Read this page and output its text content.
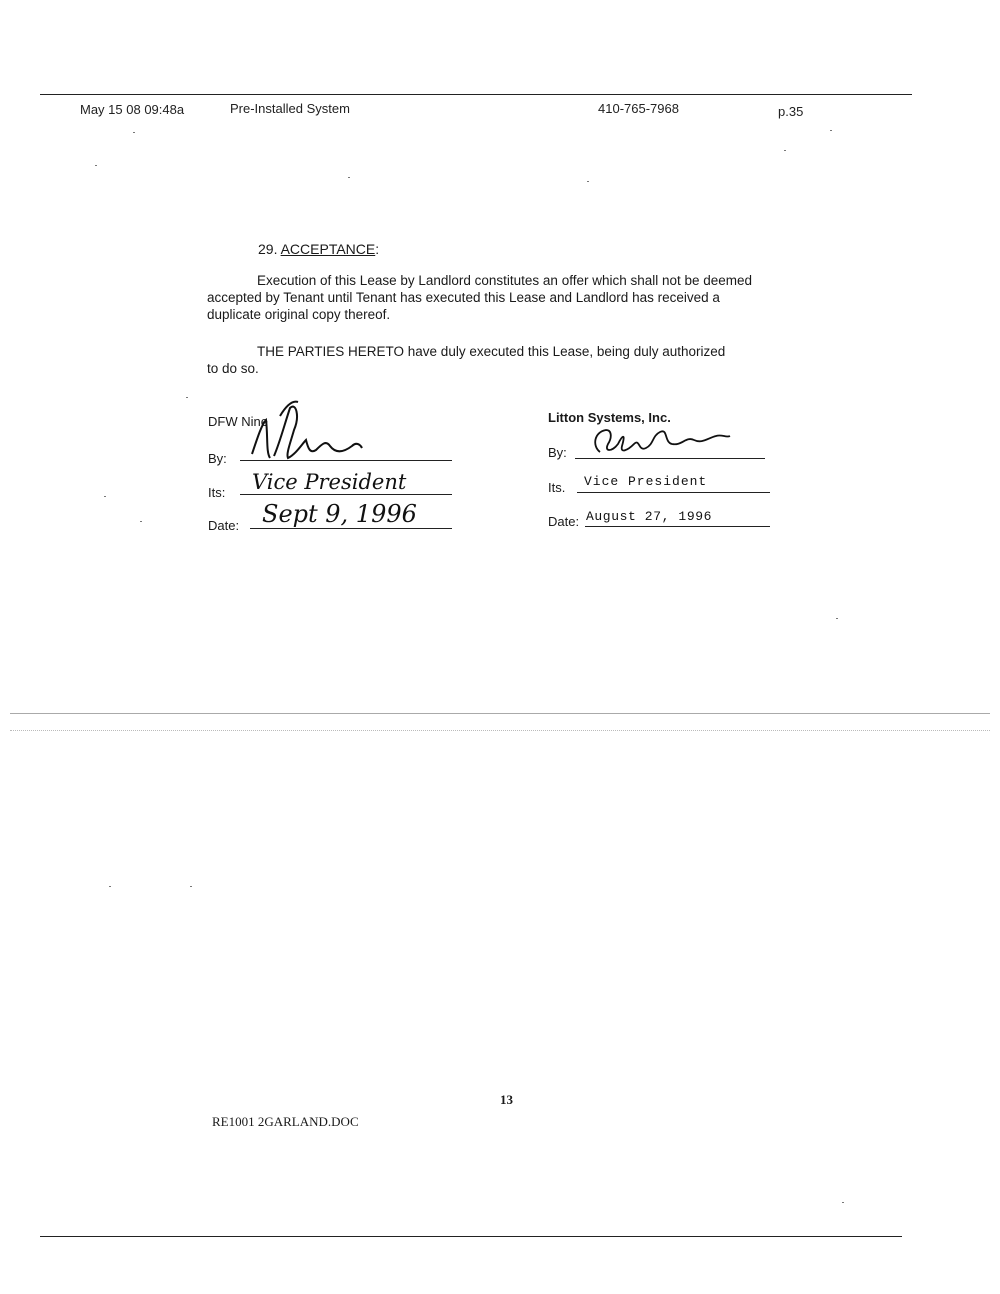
May 15 08 09:48a	Pre-Installed System	410-765-7968	p.35
29. ACCEPTANCE:
Execution of this Lease by Landlord constitutes an offer which shall not be deemed accepted by Tenant until Tenant has executed this Lease and Landlord has received a duplicate original copy thereof.
THE PARTIES HERETO have duly executed this Lease, being duly authorized to do so.
DFW Nine
By:
Its: Vice President
Date: Sept 9, 1996
Litton Systems, Inc.
By:
Its. Vice President
Date: August 27, 1996
13
RE1001 2GARLAND.DOC
